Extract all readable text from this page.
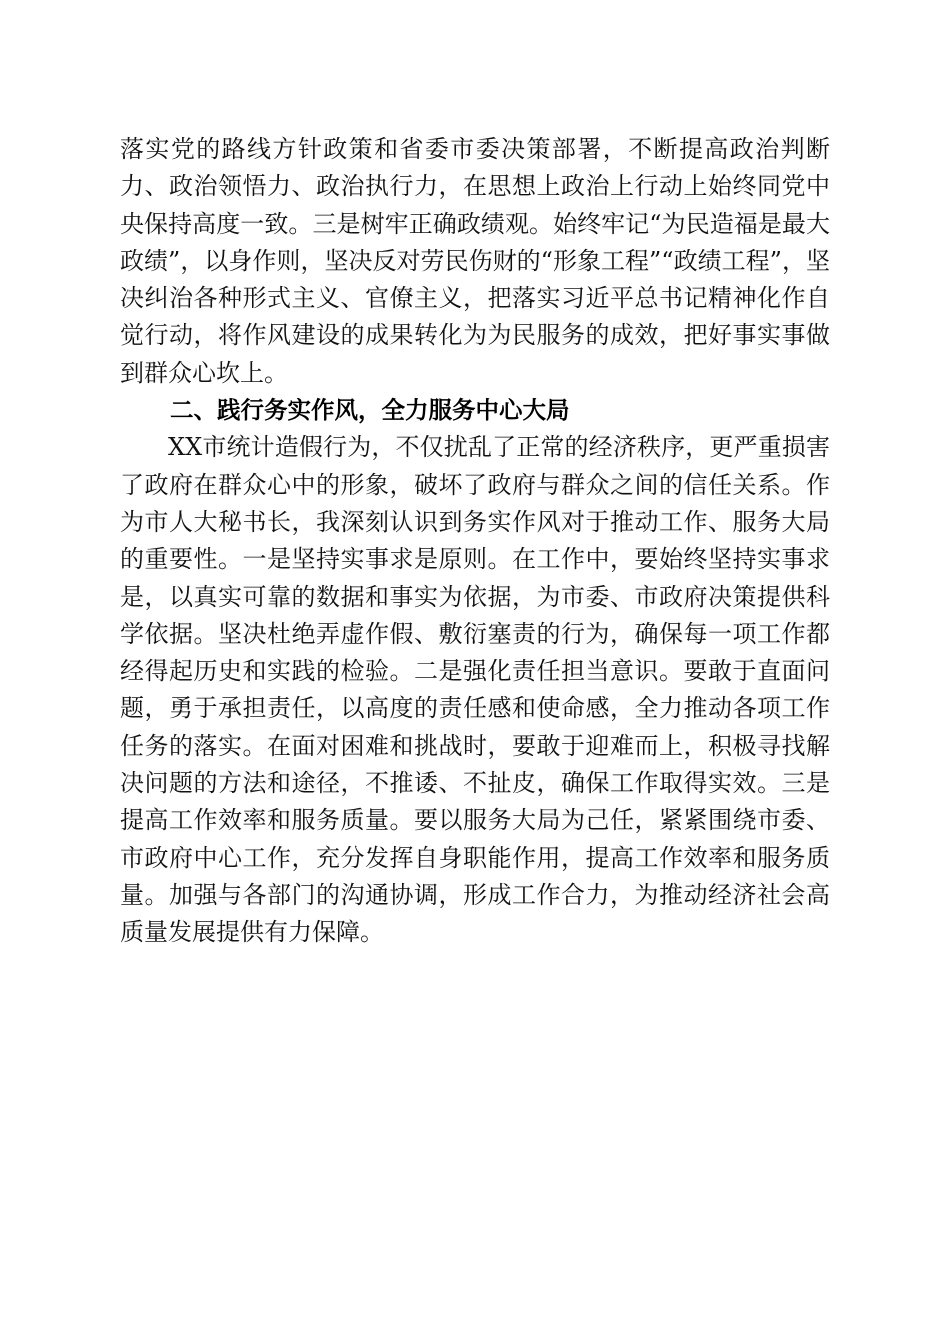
落实党的路线方针政策和省委市委决策部署，不断提高政治判断力、政治领悟力、政治执行力，在思想上政治上行动上始终同党中央保持高度一致。三是树牢正确政绩观。始终牢记“为民造福是最大政绩”，以身作则，坚决反对劳民伤财的“形象工程”“政绩工程”，坚决纠治各种形式主义、官僚主义，把落实习近平总书记精神化作自觉行动，将作风建设的成果转化为为民服务的成效，把好事实事做到群众心坎上。

二、践行务实作风，全力服务中心大局

XX市统计造假行为，不仅扰乱了正常的经济秩序，更严重损害了政府在群众心中的形象，破坏了政府与群众之间的信任关系。作为市人大秘书长，我深刻认识到务实作风对于推动工作、服务大局的重要性。一是坚持实事求是原则。在工作中，要始终坚持实事求是，以真实可靠的数据和事实为依据，为市委、市政府决策提供科学依据。坚决杜绝弄虚作假、敷衍塞责的行为，确保每一项工作都经得起历史和实践的检验。二是强化责任担当意识。要敢于直面问题，勇于承担责任，以高度的责任感和使命感，全力推动各项工作任务的落实。在面对困难和挑战时，要敢于迎难而上，积极寻找解决问题的方法和途径，不推诿、不扯皮，确保工作取得实效。三是提高工作效率和服务质量。要以服务大局为己任，紧紧围绕市委、市政府中心工作，充分发挥自身职能作用，提高工作效率和服务质量。加强与各部门的沟通协调，形成工作合力，为推动经济社会高质量发展提供有力保障。
